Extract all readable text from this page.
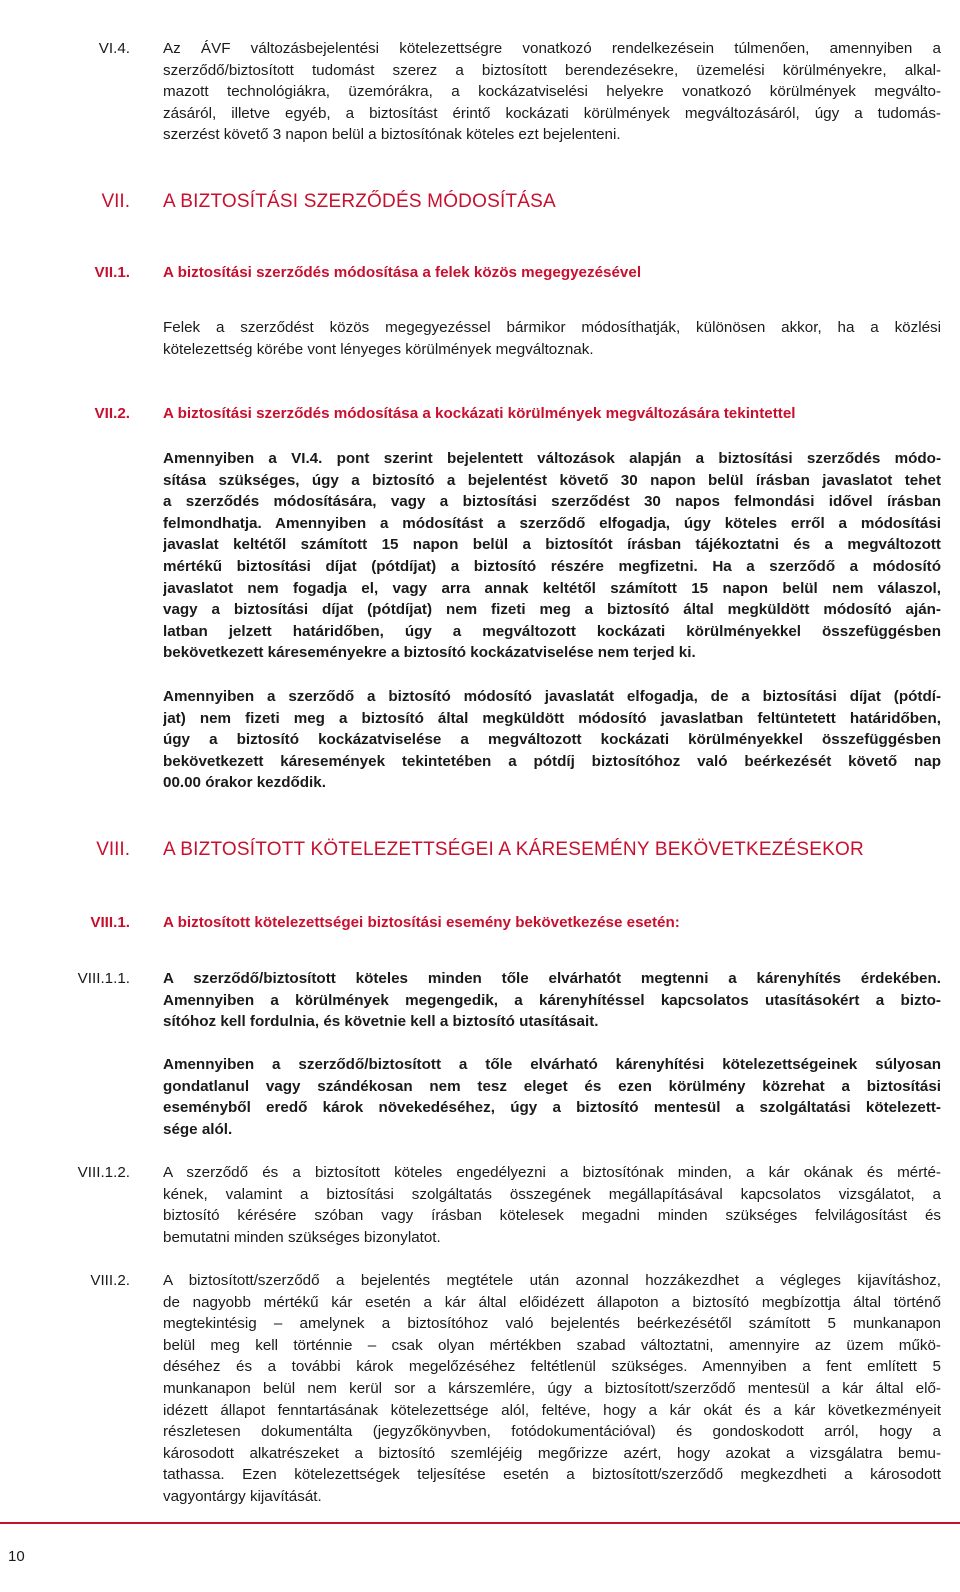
VI.4. Az ÁVF változásbejelentési kötelezettségre vonatkozó rendelkezésein túlmenően, amennyiben a
szerződő/biztosított tudomást szerez a biztosított berendezésekre, üzemelési körülményekre, alkal-
mazott technológiákra, üzemórákra, a kockázatviselési helyekre vonatkozó körülmények megválto-
zásáról, illetve egyéb, a biztosítást érintő kockázati körülmények megváltozásáról, úgy a tudomás-
szerzést követő 3 napon belül a biztosítónak köteles ezt bejelenteni.
VII. A BIZTOSÍTÁSI SZERZŐDÉS MÓDOSÍTÁSA
VII.1. A biztosítási szerződés módosítása a felek közös megegyezésével
Felek a szerződést közös megegyezéssel bármikor módosíthatják, különösen akkor, ha a közlési
kötelezettség körébe vont lényeges körülmények megváltoznak.
VII.2. A biztosítási szerződés módosítása a kockázati körülmények megváltozására tekintettel
Amennyiben a VI.4. pont szerint bejelentett változások alapján a biztosítási szerződés módo-
sítása szükséges, úgy a biztosító a bejelentést követő 30 napon belül írásban javaslatot tehet
a szerződés módosítására, vagy a biztosítási szerződést 30 napos felmondási idővel írásban
felmondhatja. Amennyiben a módosítást a szerződő elfogadja, úgy köteles erről a módosítási
javaslat keltétől számított 15 napon belül a biztosítót írásban tájékoztatni és a megváltozott
mértékű biztosítási díjat (pótdíjat) a biztosító részére megfizetni. Ha a szerződő a módosító
javaslatot nem fogadja el, vagy arra annak keltétől számított 15 napon belül nem válaszol,
vagy a biztosítási díjat (pótdíjat) nem fizeti meg a biztosító által megküldött módosító aján-
latban jelzett határidőben, úgy a megváltozott kockázati körülményekkel összefüggésben
bekövetkezett káreseményekre a biztosító kockázatviselése nem terjed ki.
Amennyiben a szerződő a biztosító módosító javaslatát elfogadja, de a biztosítási díjat (pótdí-
jat) nem fizeti meg a biztosító által megküldött módosító javaslatban feltüntetett határidőben,
úgy a biztosító kockázatviselése a megváltozott kockázati körülményekkel összefüggésben
bekövetkezett káresemények tekintetében a pótdíj biztosítóhoz való beérkezését követő nap
00.00 órakor kezdődik.
VIII. A BIZTOSÍTOTT KÖTELEZETTSÉGEI A KÁRESEMÉNY BEKÖVETKEZÉSEKOR
VIII.1. A biztosított kötelezettségei biztosítási esemény bekövetkezése esetén:
VIII.1.1. A szerződő/biztosított köteles minden tőle elvárhatót megtenni a kárenyhítés érdekében.
Amennyiben a körülmények megengedik, a kárenyhítéssel kapcsolatos utasításokért a bizto-
sítóhoz kell fordulnia, és követnie kell a biztosító utasításait.
Amennyiben a szerződő/biztosított a tőle elvárható kárenyhítési kötelezettségeinek súlyosan
gondatlanul vagy szándékosan nem tesz eleget és ezen körülmény közrehat a biztosítási
eseményből eredő károk növekedéséhez, úgy a biztosító mentesül a szolgáltatási kötelezett-
sége alól.
VIII.1.2. A szerződő és a biztosított köteles engedélyezni a biztosítónak minden, a kár okának és mérté-
kének, valamint a biztosítási szolgáltatás összegének megállapításával kapcsolatos vizsgálatot, a
biztosító kérésére szóban vagy írásban kötelesek megadni minden szükséges felvilágosítást és
bemutatni minden szükséges bizonylatot.
VIII.2. A biztosított/szerződő a bejelentés megtétele után azonnal hozzákezdhet a végleges kijavításhoz,
de nagyobb mértékű kár esetén a kár által előidézett állapoton a biztosító megbízottja által történő
megtekintésig – amelynek a biztosítóhoz való bejelentés beérkezésétől számított 5 munkanapon
belül meg kell történnie – csak olyan mértékben szabad változtatni, amennyire az üzem műkö-
déséhez és a további károk megelőzéséhez feltétlenül szükséges. Amennyiben a fent említett 5
munkanapon belül nem kerül sor a kárszemlére, úgy a biztosított/szerződő mentesül a kár által elő-
idézett állapot fenntartásának kötelezettsége alól, feltéve, hogy a kár okát és a kár következményeit
részletesen dokumentálta (jegyzőkönyvben, fotódokumentációval) és gondoskodott arról, hogy a
károsodott alkatrészeket a biztosító szemléjéig megőrizze azért, hogy azokat a vizsgálatra bemu-
tathassa. Ezen kötelezettségek teljesítése esetén a biztosított/szerződő megkezdheti a károsodott
vagyontárgy kijavítását.
10
